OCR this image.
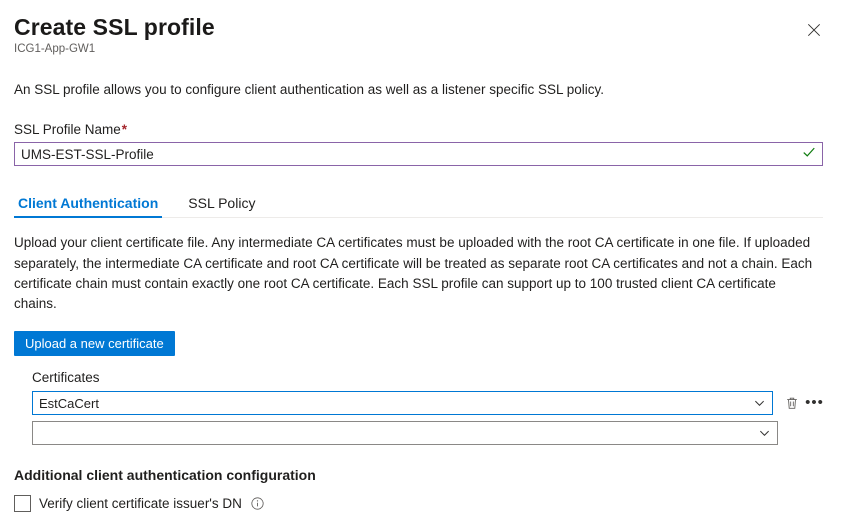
Create SSL profile
ICG1-App-GW1
An SSL profile allows you to configure client authentication as well as a listener specific SSL policy.
SSL Profile Name*
UMS-EST-SSL-Profile
Client Authentication SSL Policy
Upload your client certificate file. Any intermediate CA certificates must be uploaded with the root CA certificate in one file. If uploaded separately, the intermediate CA certificate and root CA certificate will be treated as separate root CA certificates and not a chain. Each certificate chain must contain exactly one root CA certificate. Each SSL profile can support up to 100 trusted client CA certificate chains.
Upload a new certificate
Certificates
EstCaCert	•••
Additional client authentication configuration
Verify client certificate issuer's DN
